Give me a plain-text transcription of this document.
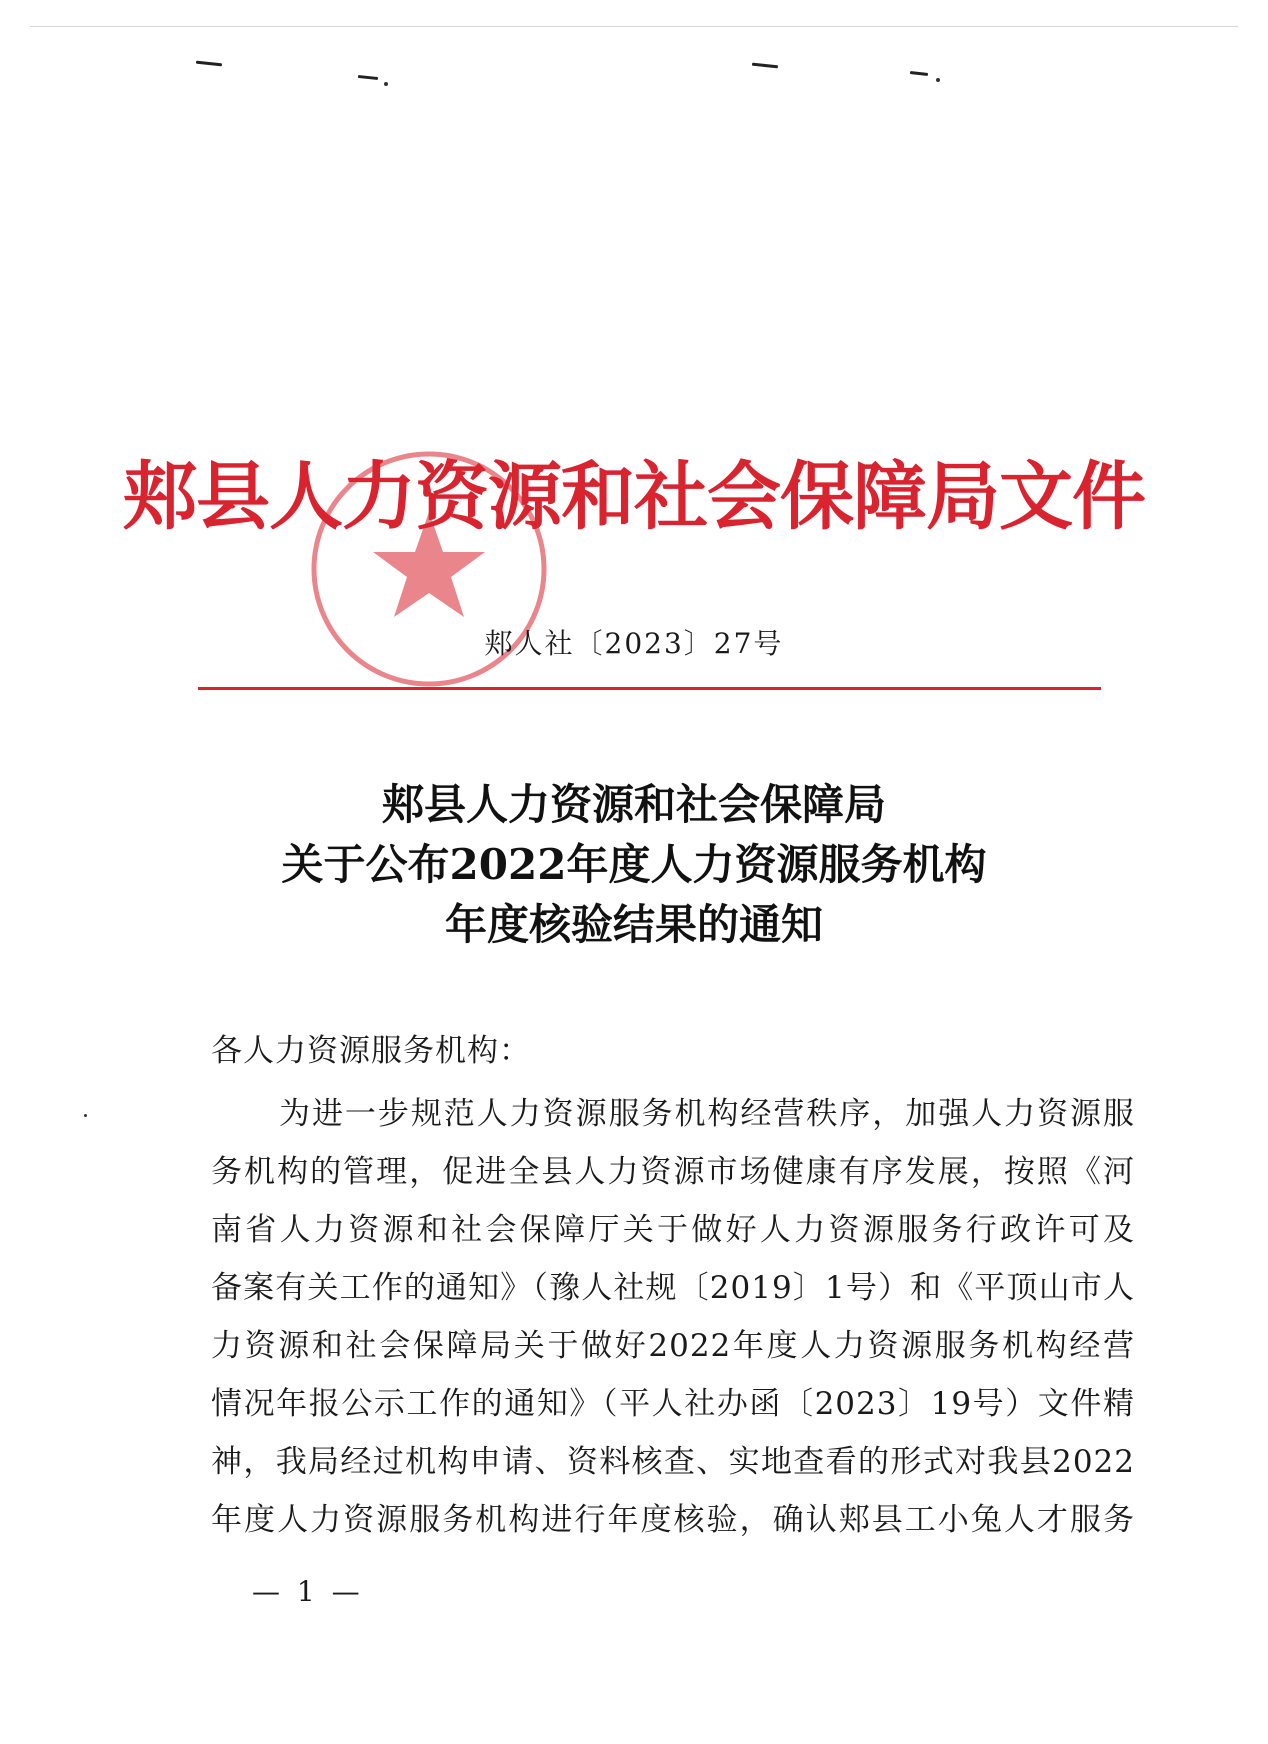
郏县人力资源和社会保障局文件
郏人社〔2023〕27号
郏县人力资源和社会保障局
关于公布2022年度人力资源服务机构
年度核验结果的通知
各人力资源服务机构：
为进一步规范人力资源服务机构经营秩序，加强人力资源服
务机构的管理，促进全县人力资源市场健康有序发展，按照《河
南省人力资源和社会保障厅关于做好人力资源服务行政许可及
备案有关工作的通知》（豫人社规〔2019〕1号）和《平顶山市人
力资源和社会保障局关于做好2022年度人力资源服务机构经营
情况年报公示工作的通知》（平人社办函〔2023〕19号）文件精
神，我局经过机构申请、资料核查、实地查看的形式对我县2022
年度人力资源服务机构进行年度核验，确认郏县工小兔人才服务
— 1 —
